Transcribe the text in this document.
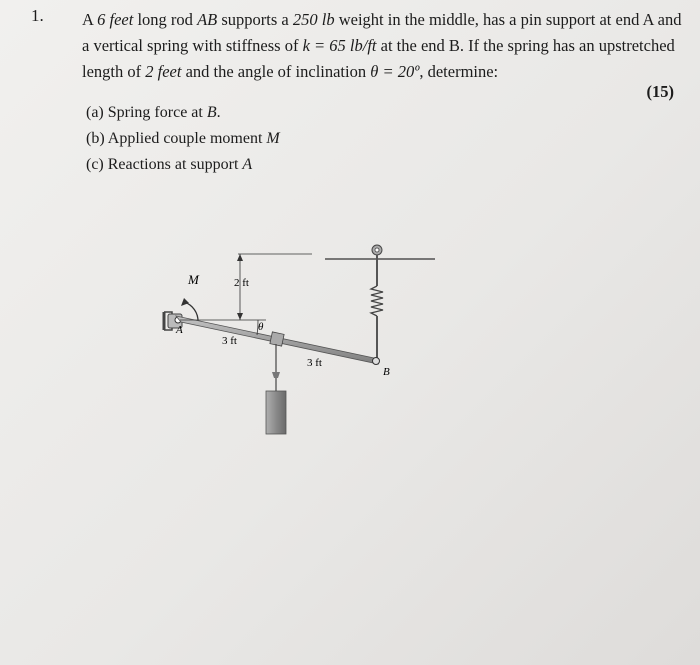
1. A 6 feet long rod AB supports a 250 lb weight in the middle, has a pin support at end A and
a vertical spring with stiffness of k = 65 lb/ft at the end B. If the spring has an upstretched
length of 2 feet and the angle of inclination θ = 20º, determine:
(15)
(a) Spring force at B.
(b) Applied couple moment M
(c) Reactions at support A
M	2 ft
θ
A
3 ft
3 ft
B
